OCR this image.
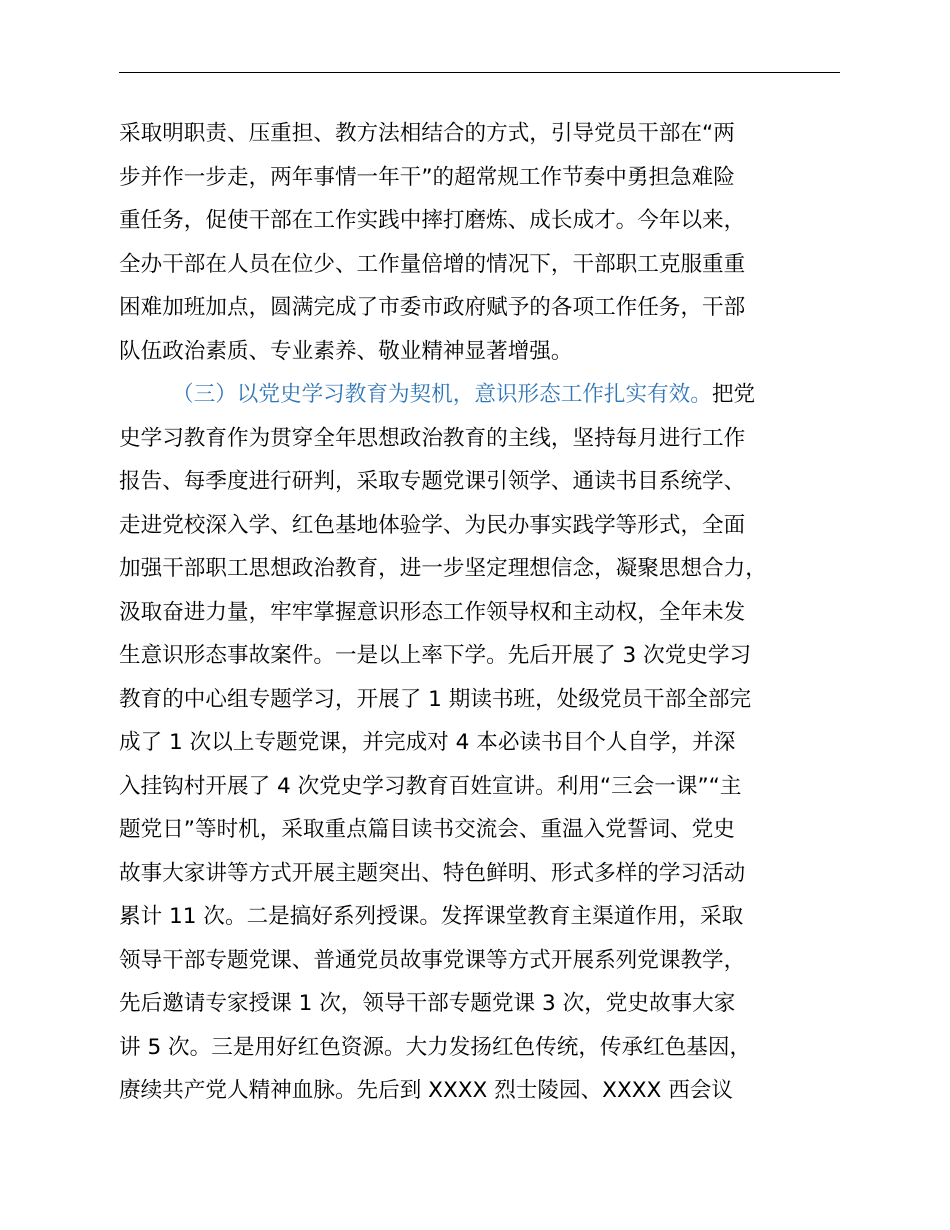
采取明职责、压重担、教方法相结合的方式，引导党员干部在“两
步并作一步走，两年事情一年干”的超常规工作节奏中勇担急难险
重任务，促使干部在工作实践中摔打磨炼、成长成才。今年以来，
全办干部在人员在位少、工作量倍增的情况下，干部职工克服重重
困难加班加点，圆满完成了市委市政府赋予的各项工作任务，干部
队伍政治素质、专业素养、敬业精神显著增强。
（三）以党史学习教育为契机，意识形态工作扎实有效。把党
史学习教育作为贯穿全年思想政治教育的主线，坚持每月进行工作
报告、每季度进行研判，采取专题党课引领学、通读书目系统学、
走进党校深入学、红色基地体验学、为民办事实践学等形式，全面
加强干部职工思想政治教育，进一步坚定理想信念，凝聚思想合力，
汲取奋进力量，牢牢掌握意识形态工作领导权和主动权，全年未发
生意识形态事故案件。一是以上率下学。先后开展了 3 次党史学习
教育的中心组专题学习，开展了 1 期读书班，处级党员干部全部完
成了 1 次以上专题党课，并完成对 4 本必读书目个人自学，并深
入挂钩村开展了 4 次党史学习教育百姓宣讲。利用“三会一课”“主
题党日”等时机，采取重点篇目读书交流会、重温入党誓词、党史
故事大家讲等方式开展主题突出、特色鲜明、形式多样的学习活动
累计 11 次。二是搞好系列授课。发挥课堂教育主渠道作用，采取
领导干部专题党课、普通党员故事党课等方式开展系列党课教学，
先后邀请专家授课 1 次，领导干部专题党课 3 次，党史故事大家
讲 5 次。三是用好红色资源。大力发扬红色传统，传承红色基因，
赓续共产党人精神血脉。先后到 XXXX 烈士陵园、XXXX 西会议
